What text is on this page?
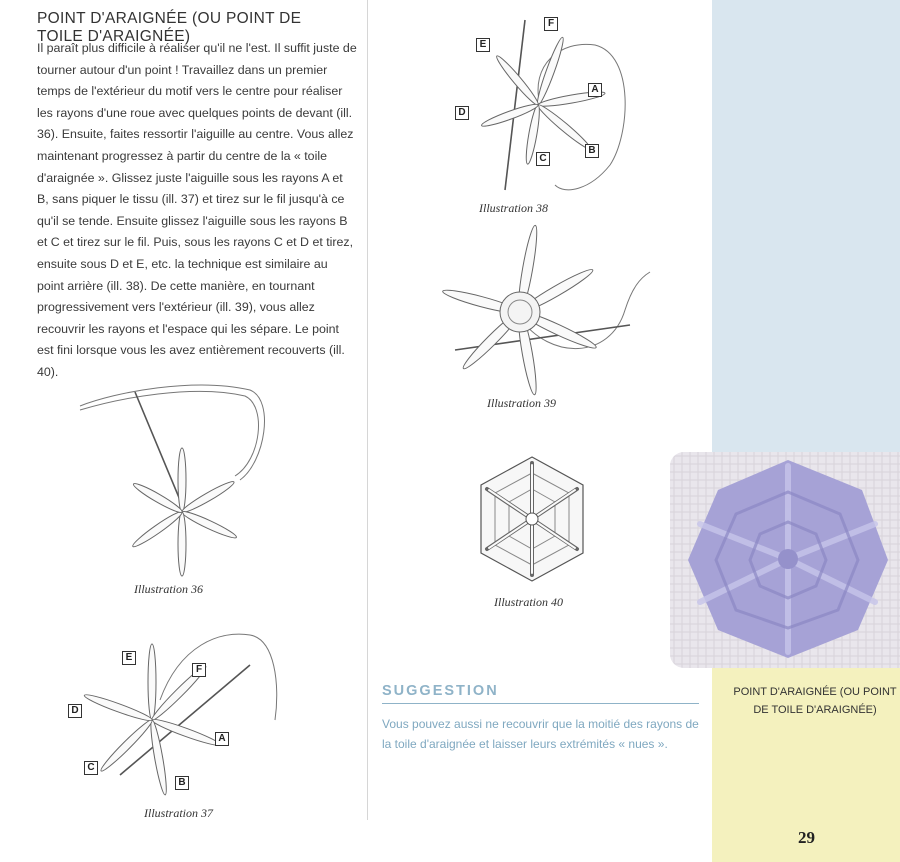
POINT D'ARAIGNÉE (OU POINT DE TOILE D'ARAIGNÉE)
Il paraît plus difficile à réaliser qu'il ne l'est. Il suffit juste de tourner autour d'un point ! Travaillez dans un premier temps de l'extérieur du motif vers le centre pour réaliser les rayons d'une roue avec quelques points de devant (ill. 36). Ensuite, faites ressortir l'aiguille au centre. Vous allez maintenant progressez à partir du centre de la « toile d'araignée ». Glissez juste l'aiguille sous les rayons A et B, sans piquer le tissu (ill. 37) et tirez sur le fil jusqu'à ce qu'il se tende. Ensuite glissez l'aiguille sous les rayons B et C et tirez sur le fil. Puis, sous les rayons C et D et tirez, ensuite sous D et E, etc. la technique est similaire au point arrière (ill. 38). De cette manière, en tournant progressivement vers l'extérieur (ill. 39), vous allez recouvrir les rayons et l'espace qui les sépare. Le point est fini lorsque vous les avez entièrement recouverts (ill. 40).
Illustration 36
E
F
D
A
C
B
Illustration 37
F
E
A
D
B
C
Illustration 38
Illustration 39
Illustration 40
POINT D'ARAIGNÉE (OU POINT DE TOILE D'ARAIGNÉE)
SUGGESTION
Vous pouvez aussi ne recouvrir que la moitié des rayons de la toile d'araignée et laisser leurs extrémités « nues ».
29
